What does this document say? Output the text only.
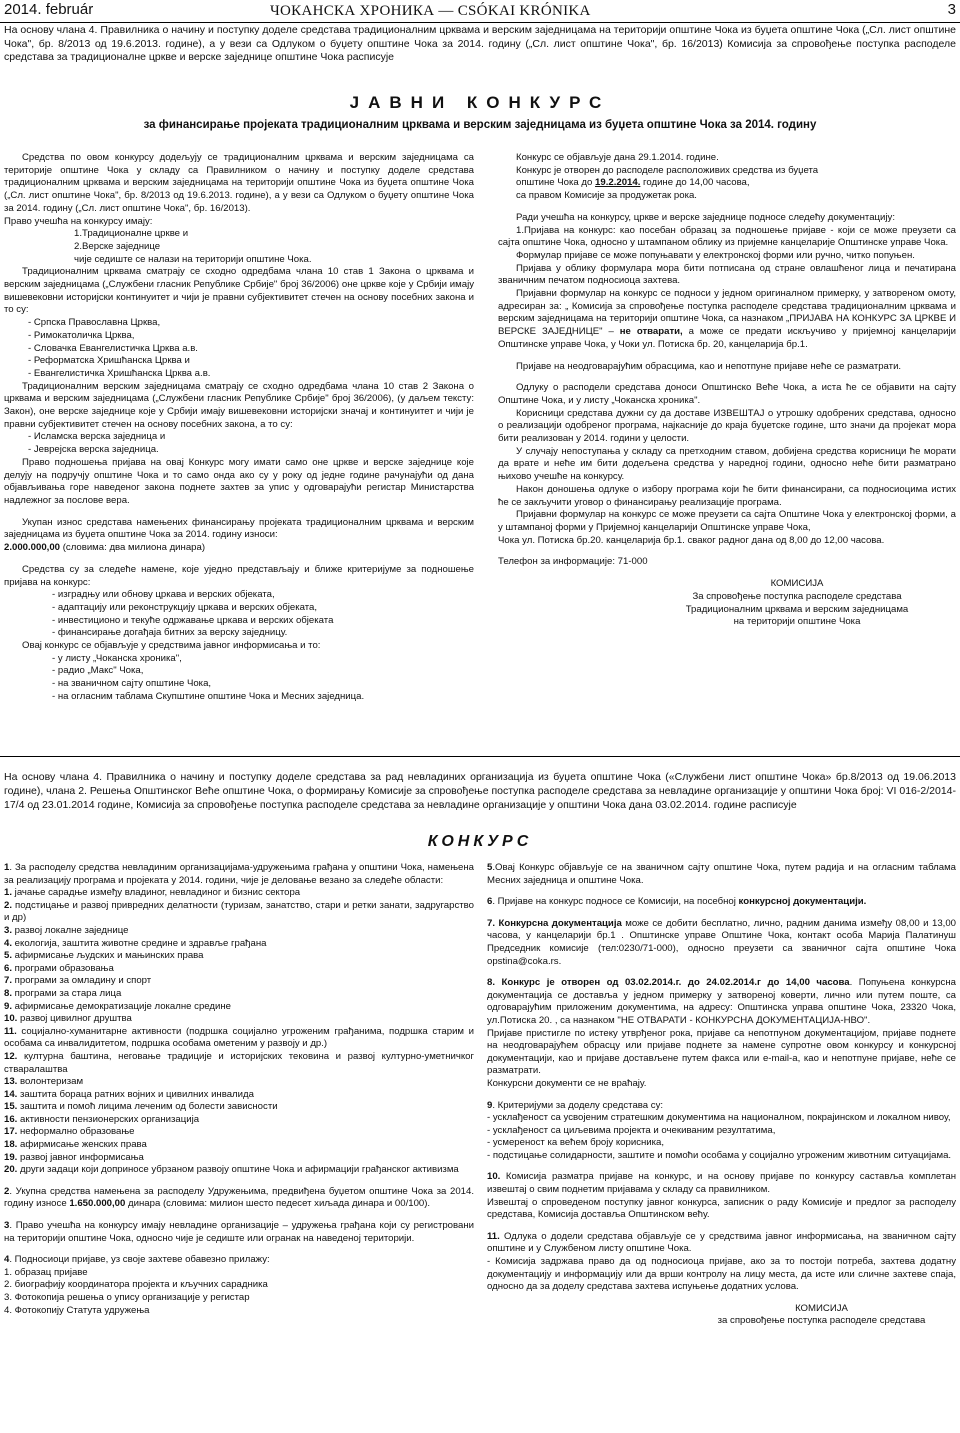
2014. február	ЧОКАНСКА ХРОНИКА — CSÓKAI KRÓNIKA	3
На основу члана 4. Правилника о начину и поступку доделе средстава традиционалним црквама и верским заједницама на територији општине Чока из буџета општине Чока („Сл. лист општине Чока", бр. 8/2013 од 19.6.2013. године), а у вези са Одлуком о буџету општине Чока за 2014. годину („Сл. лист општине Чока", бр. 16/2013) Комисија за спровођење поступка расподеле средстава за традиционалне цркве и верске заједнице општине Чока расписује
ЈАВНИ КОНКУРС
за финансирање пројеката традиционалним црквама и верским заједницама из буџета општине Чока за 2014. годину

Средства по овом конкурсу додељују се традиционалним црквама и верским заједницама са територије општине Чока у складу са Правилником о начину и поступку доделе средстава традиционалним црквама и верским заједницама на територији општине Чока из буџета општине Чока („Сл. лист општине Чока", бр. 8/2013 од 19.6.2013. године), а у вези са Одлуком о буџету општине Чока за 2014. годину („Сл. лист општине Чока", бр. 16/2013).

Право учешћа на конкурсу имају:

1.Традиционалне цркве и

2.Верске заједнице

чије седиште се налази на територији општине Чока.

Традиционалним црквама сматрају се сходно одредбама члана 10 став 1 Закона о црквама и верским заједницама („Службени гласник Републике Србије" број 36/2006) оне цркве које у Србији имају вишевековни историјски континуитет и чији је правни субјективитет стечен на основу посебних закона и то су:

- Српска Православна Црква,

- Римокатоличка Црква,

- Словачка Евангелистичка Црква а.в.

- Реформатска Хришћанска Црква и

- Евангелистичка Хришћанска Црква а.в.

Традиционалним верским заједницама сматрају се сходно одредбама члана 10 став 2 Закона о црквама и верским заједницама („Службени гласник Републике Србије" број 36/2006), (у даљем тексту: Закон), оне верске заједнице које у Србији имају вишевековни историјски значај и континуитет и чији је правни субјективитет стечен на основу посебних закона, а то су:

- Исламска верска заједница и

- Јеврејска верска заједница.

Право подношења пријава на овај Конкурс могу имати само оне цркве и верске заједнице које делују на подручју општине Чока и то само онда ако су у року од једне године рачунајући од дана објављивања горе наведеног закона поднете захтев за упис у одговарајући регистар Министарства надлежног за послове вера.

Укупан износ средстава намењених финансирању пројеката традиционалним црквама и верским заједницама из буџета општине Чока за 2014. годину износи:

2.000.000,00 (словима: два милиона динара)

Средства су за следеће намене, које уједно представљају и ближе критеријуме за подношење пријава на конкурс:

- изградњу или обнову цркава и верских објеката,

- адаптацију или реконструкцију цркава и верских објеката,

- инвестиционо и текуће одржавање цркава и верских објеката

- финансирање догађаја битних за верску заједницу.

Овај конкурс се објављује у средствима јавног информисања и то:

- у листу „Чоканска хроника",

- радио „Макс" Чока,

- на званичном сајту општине Чока,

- на огласним таблама Скупштине општине Чока и Месних заједница.

Конкурс се објављује дана 29.1.2014. године.

Конкурс је отворен до расподеле расположивих средства из буџета

општине Чока до 19.2.2014. године до 14,00 часова,

са правом Комисије за продужетак рока.

Ради учешћа на конкурсу, цркве и верске заједнице подносе следећу документацију:

1.Пријава на конкурс: као посебан образац за подношење пријаве - који се може преузети са сајта општине Чока, односно у штампаном облику из пријемне канцеларије Општинске управе Чока.

Формулар пријаве се може попуњавати у електронској форми или ручно, читко попуњен.

Пријава у облику формулара мора бити потписана од стране овлашћеног лица и печатирана званичним печатом подносиоца захтева.

Пријавни формулар на конкурс се подноси у једном оригиналном примерку, у затвореном омоту, адресиран за: „ Комисија за спровођење поступка расподеле средстава традиционалним црквама и верским заједницама на територији општине Чока, са назнаком „ПРИЈАВА НА КОНКУРС ЗА ЦРКВЕ И ВЕРСКЕ ЗАЈЕДНИЦЕ" – не отварати, а може се предати искључиво у пријемној канцеларији Општинске управе Чока, у Чоки ул. Потиска бр. 20, канцеларија бр.1.

Пријаве на неодговарајућим обрасцима, као и непотпуне пријаве неће се разматрати.

Одлуку о расподели средстава доноси Општинско Веће Чока, а иста ће се објавити на сајту Општине Чока, и у листу „Чоканска хроника".

Корисници средстава дужни су да доставе ИЗВЕШТАЈ о утрошку одобрених средстава, односно о реализацији одобреног програма, најкасније до краја буџетске године, што значи да пројекат мора бити реализован у 2014. години у целости.

У случају непоступања у складу са претходним ставом, добијена средства корисници ће морати да врате и неће им бити додељена средства у наредној години, односно неће бити разматрано њихово учешће на конкурсу.

Након доношења одлуке о избору програма који ће бити финансирани, са подносиоцима истих ће се закључити уговор о финансирању реализације програма.

Пријавни формулар на конкурс се може преузети са сајта Општине Чока у електронској форми, а у штампаној форми у Пријемној канцеларији Општинске управе Чока,

Чока ул. Потиска бр.20. канцеларија бр.1. сваког радног дана од 8,00 до 12,00 часова.

Телефон за информације: 71-000

КОМИСИЈА

За спровођење поступка расподеле средстава

Традиционалним црквама и верским заједницама

на територији општине Чока

На основу члана 4. Правилника о начину и поступку доделе средстава за рад невладиних организација из буџета општине Чока («Службени лист општине Чока» бр.8/2013 од 19.06.2013 године), члана 2. Решења Општинског Веће општине Чока, о формирању Комисије за спровођење поступка расподеле средстава за невладине организације у општини Чока број: VI 016-2/2014-17/4 од 23.01.2014 године, Комисија за спровођење поступка расподеле средстава за невладине организације у општини Чока дана 03.02.2014. године расписује
КОНКУРС

1. За расподелу средства невладиним организацијама-удружењима грађана у општини Чока, намењена за реализацију програма и пројеката у 2014. години, чије је деловање везано за следеће области:

1. јачање сарадње између владиног, невладиног и бизнис сектора

2. подстицање и развој привредних делатности (туризам, занатство, стари и ретки занати, задругарство и др)

3. развој локалне заједнице

4. екологија, заштита животне средине и здравље грађана

5. афирмисање људских и мањинских права

6. програми образовања

7. програми за омладину и спорт

8. програми за стара лица

9. афирмисање демократизације локалне средине

10. развој цивилног друштва

11. социјално-хуманитарне активности (подршка социјално угроженим грађанима, подршка старим и особама са инвалидитетом, подршка особама ометеним у развоју и др.)

12. културна баштина, неговање традиције и историјских тековина и развој културно-уметничког стваралаштва

13. волонтеризам

14. заштита бораца ратних војних и цивилних инвалида

15. заштита и помоћ лицима леченим од болести зависности

16. активности пензионерских организација

17. неформално образовање

18. афирмисање женских права

19. развој јавног информисања

20. други задаци који доприносе убрзаном развоју општине Чока и афирмацији грађанског активизма

2. Укупна средства намењена за расподелу Удружењима, предвиђена буџетом општине Чока за 2014. годину износе 1.650.000,00 динара (словима: милион шесто педесет хиљада динара и 00/100).

3. Право учешћа на конкурсу имају невладине организације – удружења грађана који су регистровани на територији општине Чока, односно чије је седиште или огранак на наведеној територији.

4. Подносиоци пријаве, уз своје захтеве обавезно прилажу:

1. образац пријаве

2. биографију координатора пројекта и кључних сарадника

3. Фотокопија решења о упису организације у регистар

4. Фотокопију Статута удружења

5.Овај Конкурс објављује се на званичном сајту општине Чока, путем радија и на огласним таблама Месних заједница и општине Чока.

6. Пријаве на конкурс подносе се Комисији, на посебној конкурсној документацији.

7. Конкурсна документација може се добити бесплатно, лично, радним данима између 08,00 и 13,00 часова, у канцеларији бр.1 . Општинске управе Општине Чока, контакт особа Марија Палатинуш Председник комисије (тел:0230/71-000), односно преузети са званичног сајта општине Чока opstina@coka.rs.

8. Конкурс је отворен од 03.02.2014.г. до 24.02.2014.г до 14,00 часова. Попуњена конкурсна документација се доставља у једном примерку у затвореној коверти, лично или путем поште, са одговарајућим приложеним документима, на адресу: Општинска управа општине Чока, 23320 Чока, ул.Потиска 20. , са назнаком "НЕ ОТВАРАТИ - КОНКУРСНА ДОКУМЕНТАЦИЈА-НВО".

Пријаве пристигле по истеку утврђеног рока, пријаве са непотпуном документацијом, пријаве поднете на неодговарајућем обрасцу или пријаве поднете за намене супротне овом конкурсу и конкурсној документацији, као и пријаве достављене путем факса или е-mail-а, као и непотпуне пријаве, неће се разматрати.

Конкурсни документи се не враћају.

9. Критеријуми за доделу средстава су:

- усклађеност са усвојеним стратешким документима на националном, покрајинском и локалном нивоу,

- усклађеност са циљевима пројекта и очекиваним резултатима,

- усмереност ка већем броју корисника,

- подстицање солидарности, заштите и помоћи особама у социјално угроженим животним ситуацијама.

10. Комисија разматра пријаве на конкурс, и на основу пријаве по конкурсу саставља комплетан извештај о свим поднетим пријавама у складу са правилником.

Извештај о спроведеном поступку јавног конкурса, записник о раду Комисије и предлог за расподелу средстава, Комисија доставља Општинском већу.

11. Одлука о додели средстава објављује се у средствима јавног информисања, на званичном сајту општине и у Службеном листу општине Чока.

- Комисија задржава право да од подносиоца пријаве, ако за то постоји потреба, захтева додатну документацију и информацију или да врши контролу на лицу места, да исте или сличне захтеве спаја, односно да за доделу средстава захтева испуњење додатних услова.

КОМИСИЈА

за спровођење поступка расподеле средстава
